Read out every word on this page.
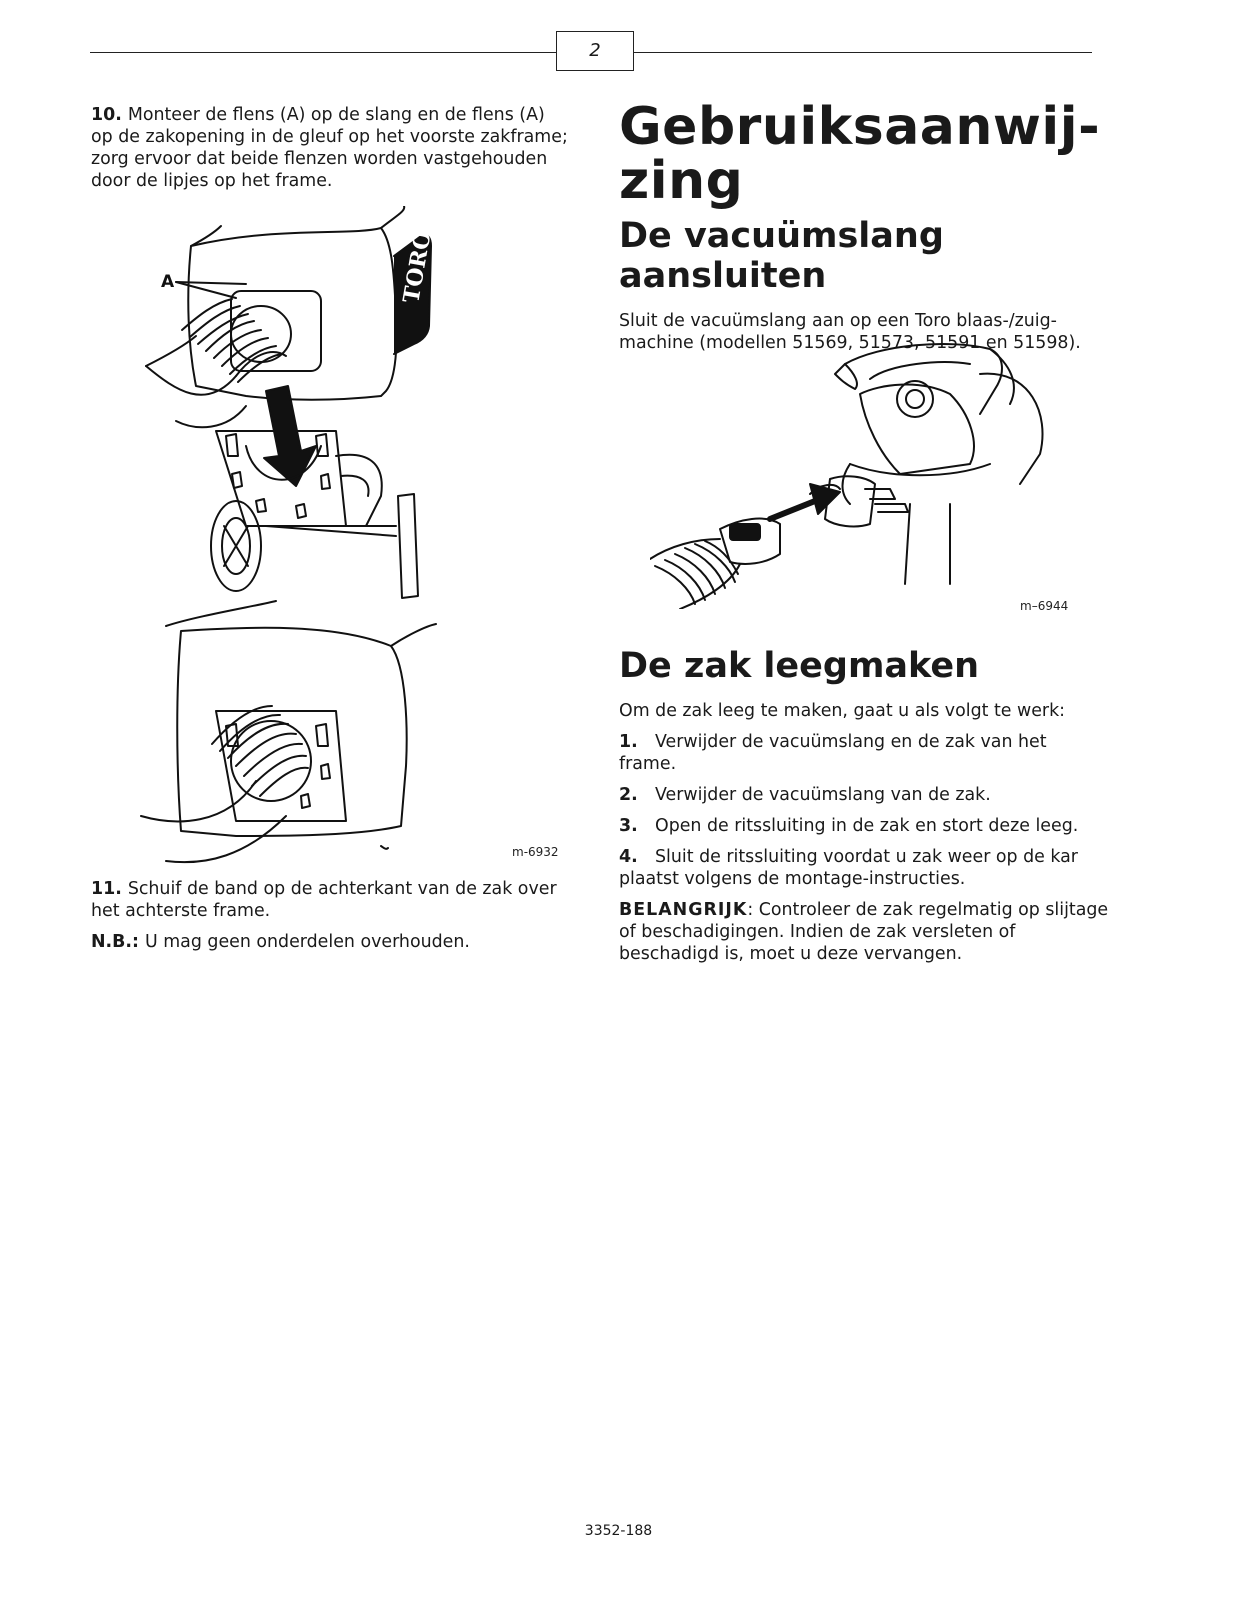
2

10. Monteer de flens (A) op de slang en de flens (A) op de zakopening in de gleuf op het voorste zakframe; zorg ervoor dat beide flenzen worden vastgehouden door de lipjes op het frame.

A	TORO
m-6932

11. Schuif de band op de achterkant van de zak over het achterste frame.

N.B.: U mag geen onderdelen overhouden.

Gebruiksaanwij-
zing
De vacuümslang aansluiten

Sluit de vacuümslang aan op een Toro blaas-/zuig-machine (modellen 51569, 51573, 51591 en 51598).

m–6944
De zak leegmaken

Om de zak leeg te maken, gaat u als volgt te werk:

1. Verwijder de vacuümslang en de zak van het frame.

2. Verwijder de vacuümslang van de zak.

3. Open de ritssluiting in de zak en stort deze leeg.

4. Sluit de ritssluiting voordat u zak weer op de kar plaatst volgens de montage-instructies.

BELANGRIJK: Controleer de zak regelmatig op slijtage of beschadigingen. Indien de zak versleten of beschadigd is, moet u deze vervangen.

3352-188
